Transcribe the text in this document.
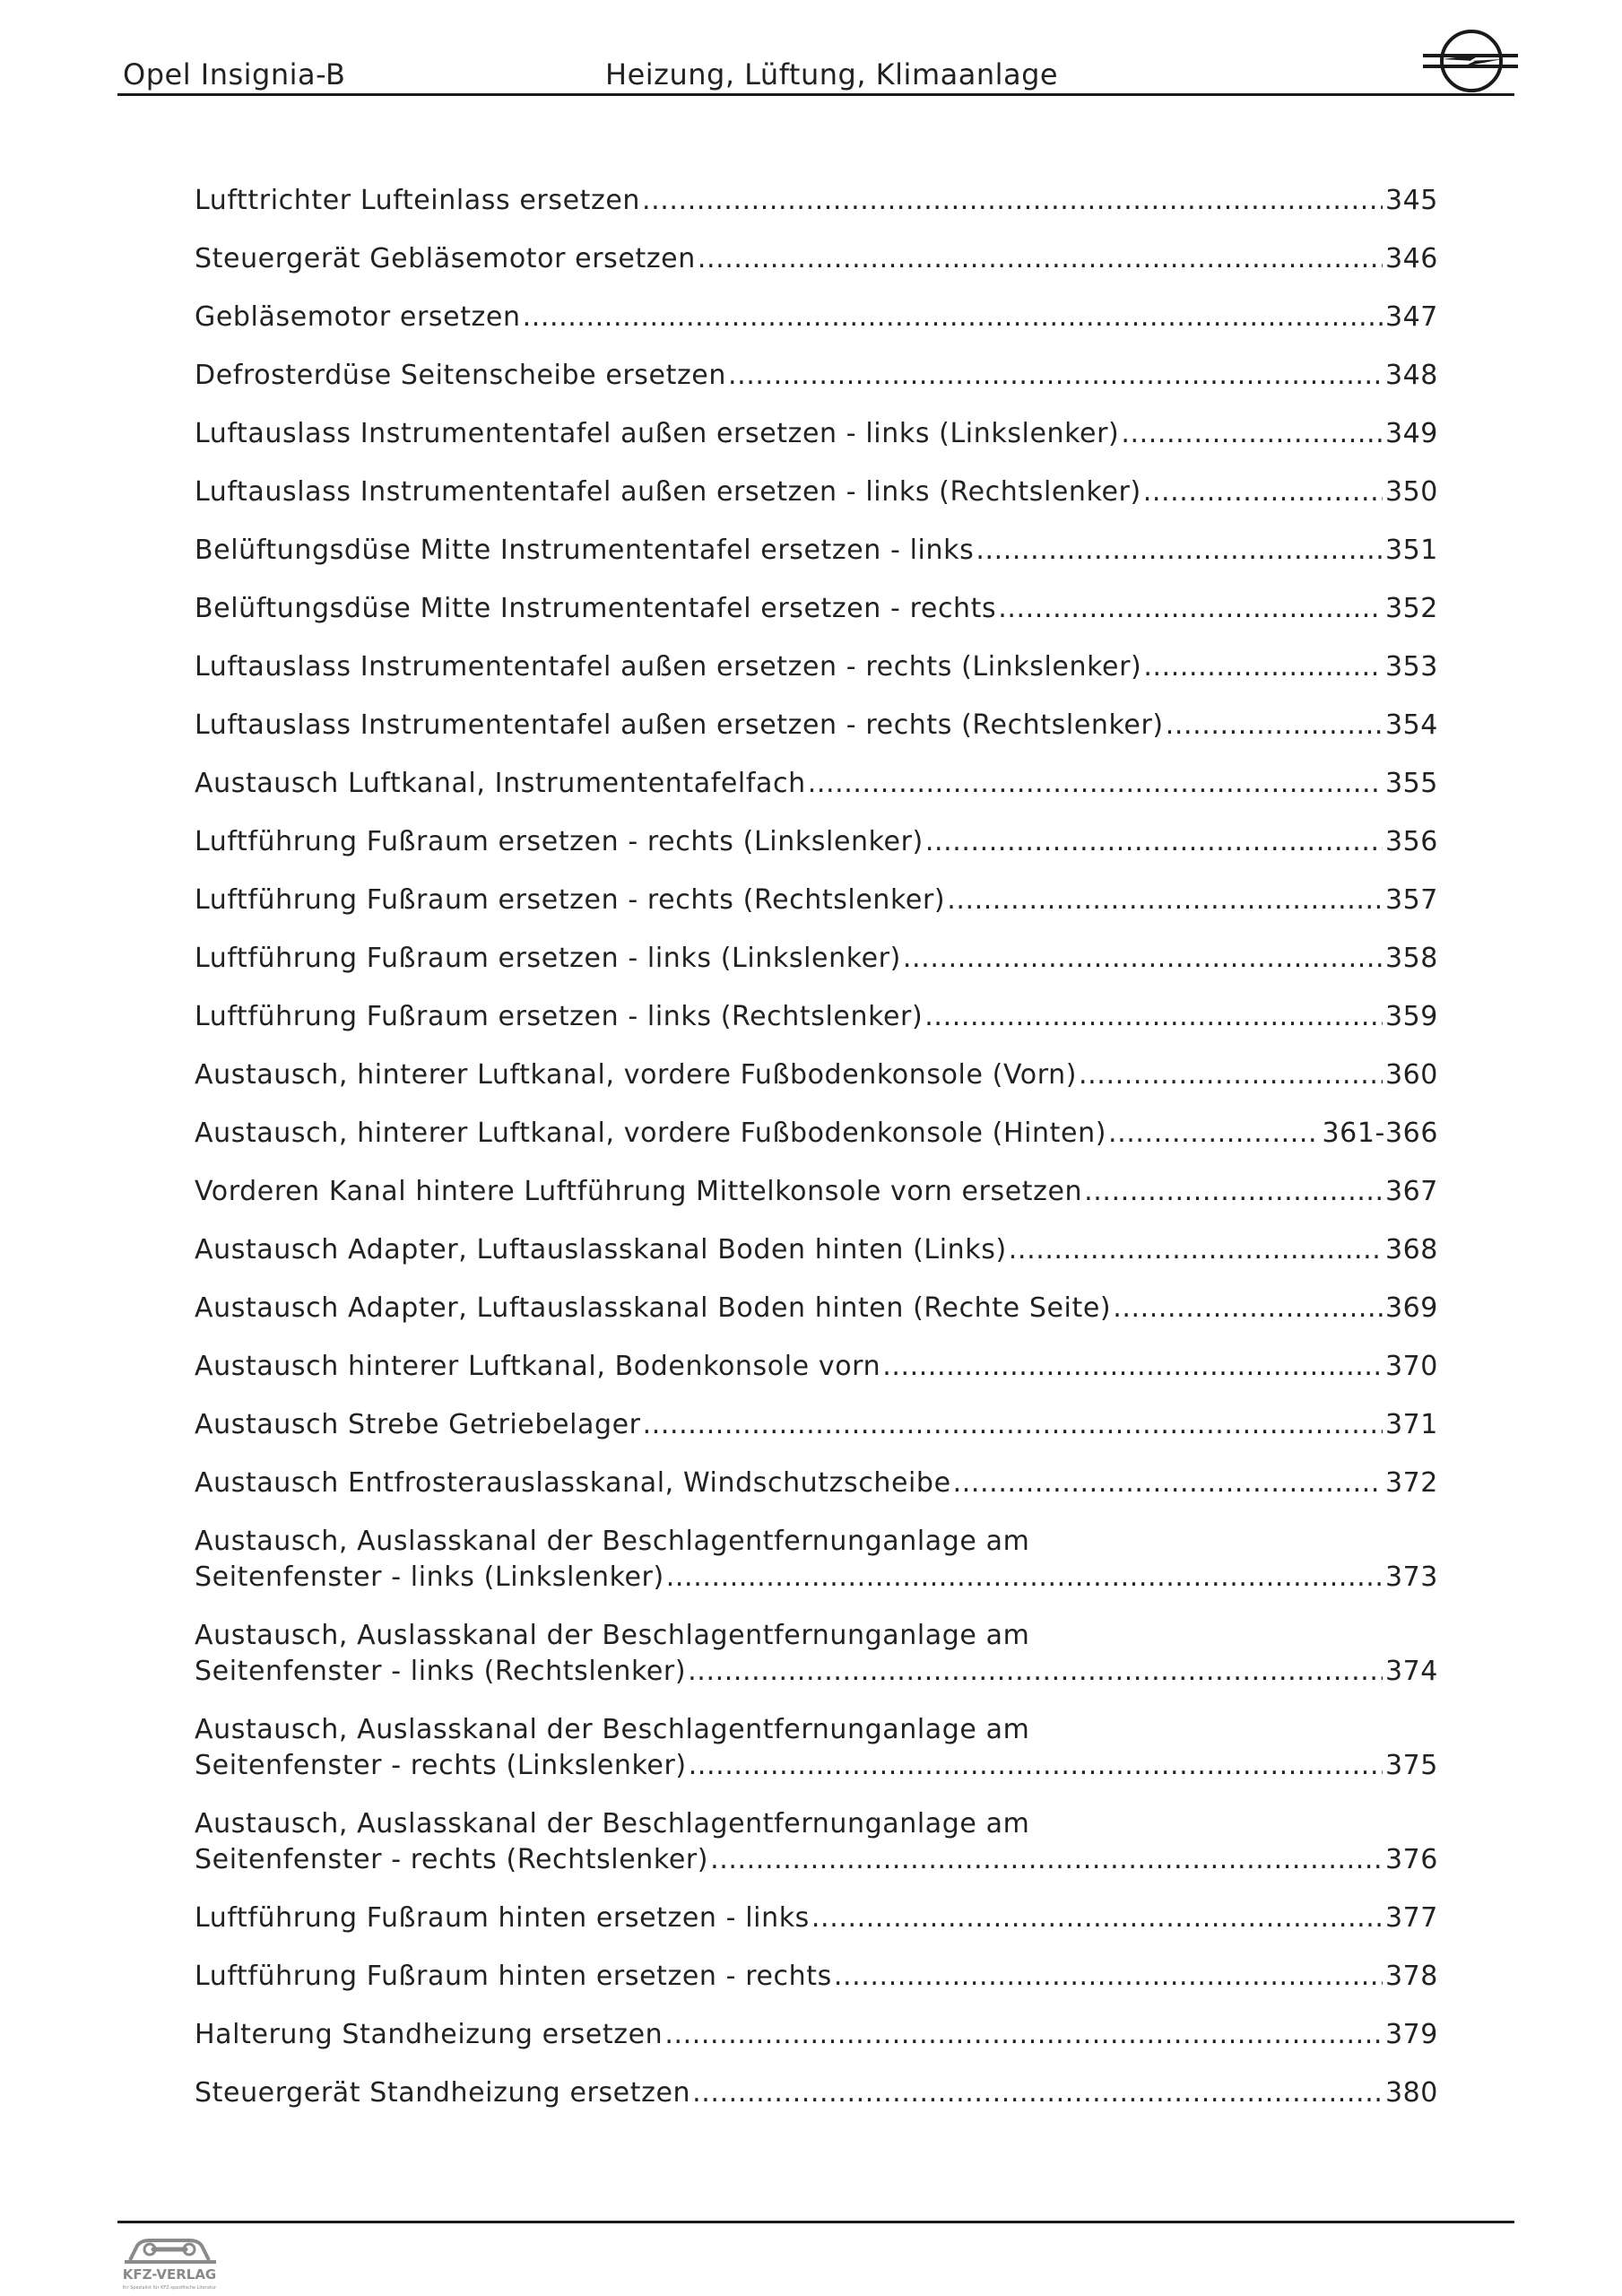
Opel Insignia-B	Heizung, Lüftung, Klimaanlage
Lufttrichter Lufteinlass ersetzen .....	345
Steuergerät Gebläsemotor ersetzen .....	346
Gebläsemotor ersetzen .....	347
Defrosterdüse Seitenscheibe ersetzen .....	348
Luftauslass Instrumententafel außen ersetzen - links (Linkslenker) .....	349
Luftauslass Instrumententafel außen ersetzen - links (Rechtslenker) .....	350
Belüftungsdüse Mitte Instrumententafel ersetzen - links .....	351
Belüftungsdüse Mitte Instrumententafel ersetzen - rechts .....	352
Luftauslass Instrumententafel außen ersetzen - rechts (Linkslenker) .....	353
Luftauslass Instrumententafel außen ersetzen - rechts (Rechtslenker) .....	354
Austausch Luftkanal, Instrumententafelfach .....	355
Luftführung Fußraum ersetzen - rechts (Linkslenker) .....	356
Luftführung Fußraum ersetzen - rechts (Rechtslenker) .....	357
Luftführung Fußraum ersetzen - links (Linkslenker) .....	358
Luftführung Fußraum ersetzen - links (Rechtslenker) .....	359
Austausch, hinterer Luftkanal, vordere Fußbodenkonsole (Vorn) .....	360
Austausch, hinterer Luftkanal, vordere Fußbodenkonsole (Hinten) .....	361-366
Vorderen Kanal hintere Luftführung Mittelkonsole vorn ersetzen .....	367
Austausch Adapter, Luftauslasskanal Boden hinten (Links) .....	368
Austausch Adapter, Luftauslasskanal Boden hinten (Rechte Seite) .....	369
Austausch hinterer Luftkanal, Bodenkonsole vorn .....	370
Austausch Strebe Getriebelager .....	371
Austausch Entfrosterauslasskanal, Windschutzscheibe .....	372
Austausch, Auslasskanal der Beschlagentfernunganlage am
Seitenfenster - links (Linkslenker) .....	373
Austausch, Auslasskanal der Beschlagentfernunganlage am
Seitenfenster - links (Rechtslenker) .....	374
Austausch, Auslasskanal der Beschlagentfernunganlage am
Seitenfenster - rechts (Linkslenker) .....	375
Austausch, Auslasskanal der Beschlagentfernunganlage am
Seitenfenster - rechts (Rechtslenker) .....	376
Luftführung Fußraum hinten ersetzen - links .....	377
Luftführung Fußraum hinten ersetzen - rechts .....	378
Halterung Standheizung ersetzen .....	379
Steuergerät Standheizung ersetzen .....	380
KFZ-VERLAG
Ihr Spezialist für KFZ-spezifische Literatur
